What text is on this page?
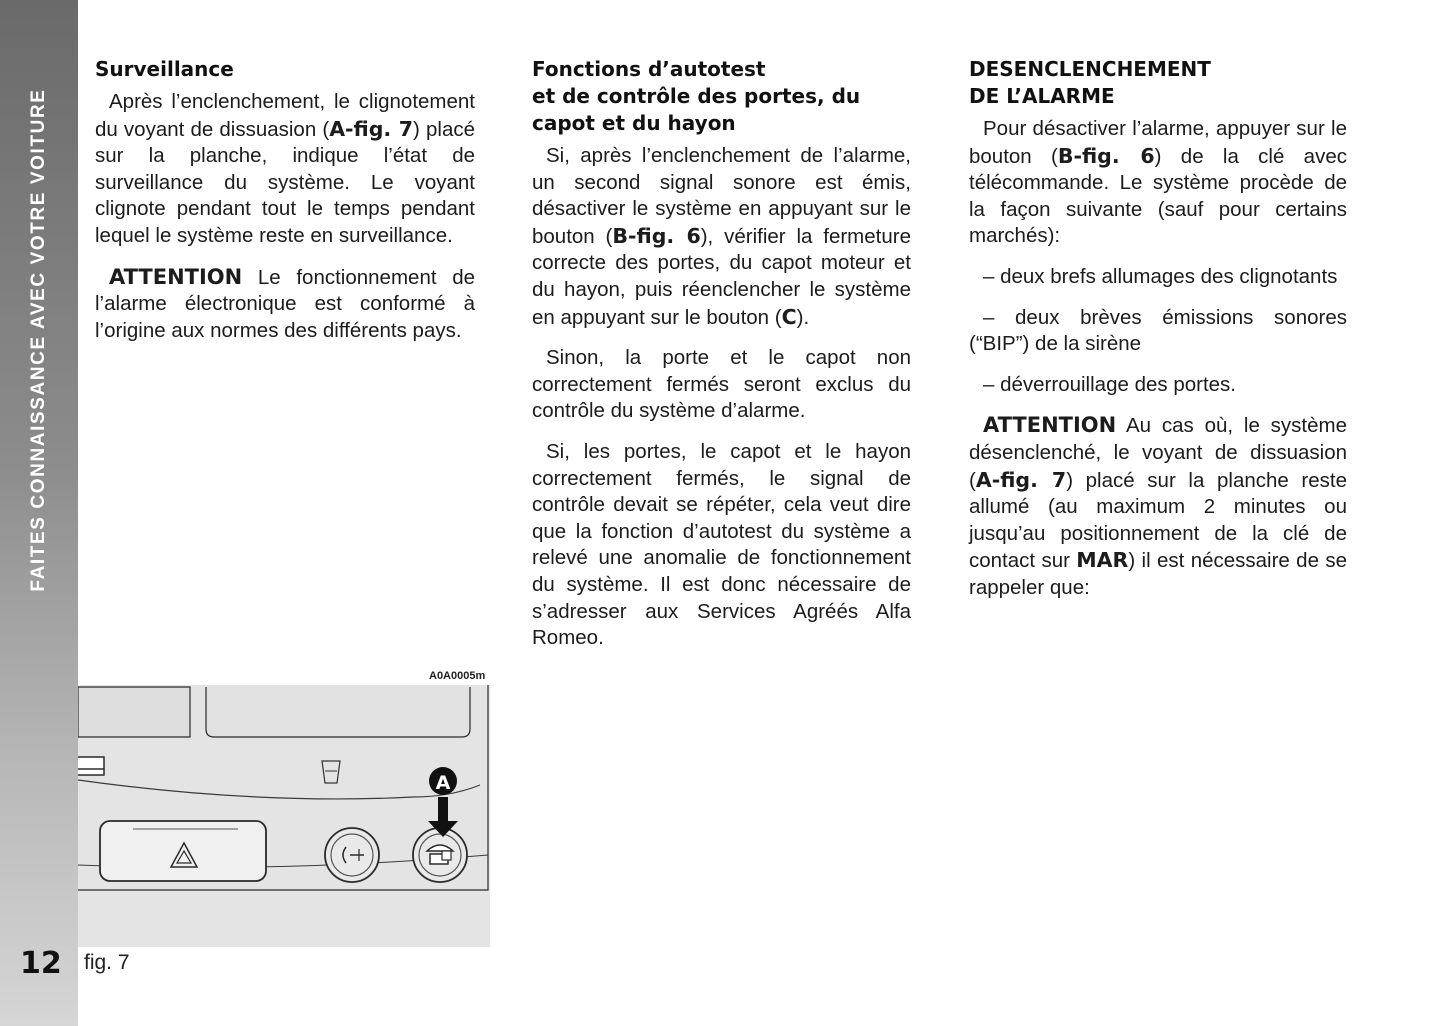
FAITES CONNAISSANCE AVEC VOTRE VOITURE
12
Surveillance

Après l’enclenchement, le clignotement du voyant de dissuasion (A-fig. 7) placé sur la planche, indique l’état de surveillance du système. Le voyant clignote pendant tout le temps pendant lequel le système reste en surveillance.

ATTENTION Le fonctionnement de l’alarme électronique est conformé à l’origine aux normes des différents pays.

Fonctions d’autotest
et de contrôle des portes, du
capot et du hayon

Si, après l’enclenchement de l’alarme, un second signal sonore est émis, désactiver le système en appuyant sur le bouton (B-fig. 6), vérifier la fermeture correcte des portes, du capot moteur et du hayon, puis réenclencher le système en appuyant sur le bouton (C).

Sinon, la porte et le capot non correctement fermés seront exclus du contrôle du système d’alarme.

Si, les portes, le capot et le hayon correctement fermés, le signal de contrôle devait se répéter, cela veut dire que la fonction d’autotest du système a relevé une anomalie de fonctionnement du système. Il est donc nécessaire de s’adresser aux Services Agréés Alfa Romeo.

DESENCLENCHEMENT
DE L’ALARME

Pour désactiver l’alarme, appuyer sur le bouton (B-fig. 6) de la clé avec télécommande. Le système procède de la façon suivante (sauf pour certains marchés):

– deux brefs allumages des clignotants

– deux brèves émissions sonores (“BIP”) de la sirène

– déverrouillage des portes.

ATTENTION Au cas où, le système désenclenché, le voyant de dissuasion (A-fig. 7) placé sur la planche reste allumé (au maximum 2 minutes ou jusqu’au positionnement de la clé de contact sur MAR) il est nécessaire de se rappeler que:

A0A0005m
A
fig. 7
